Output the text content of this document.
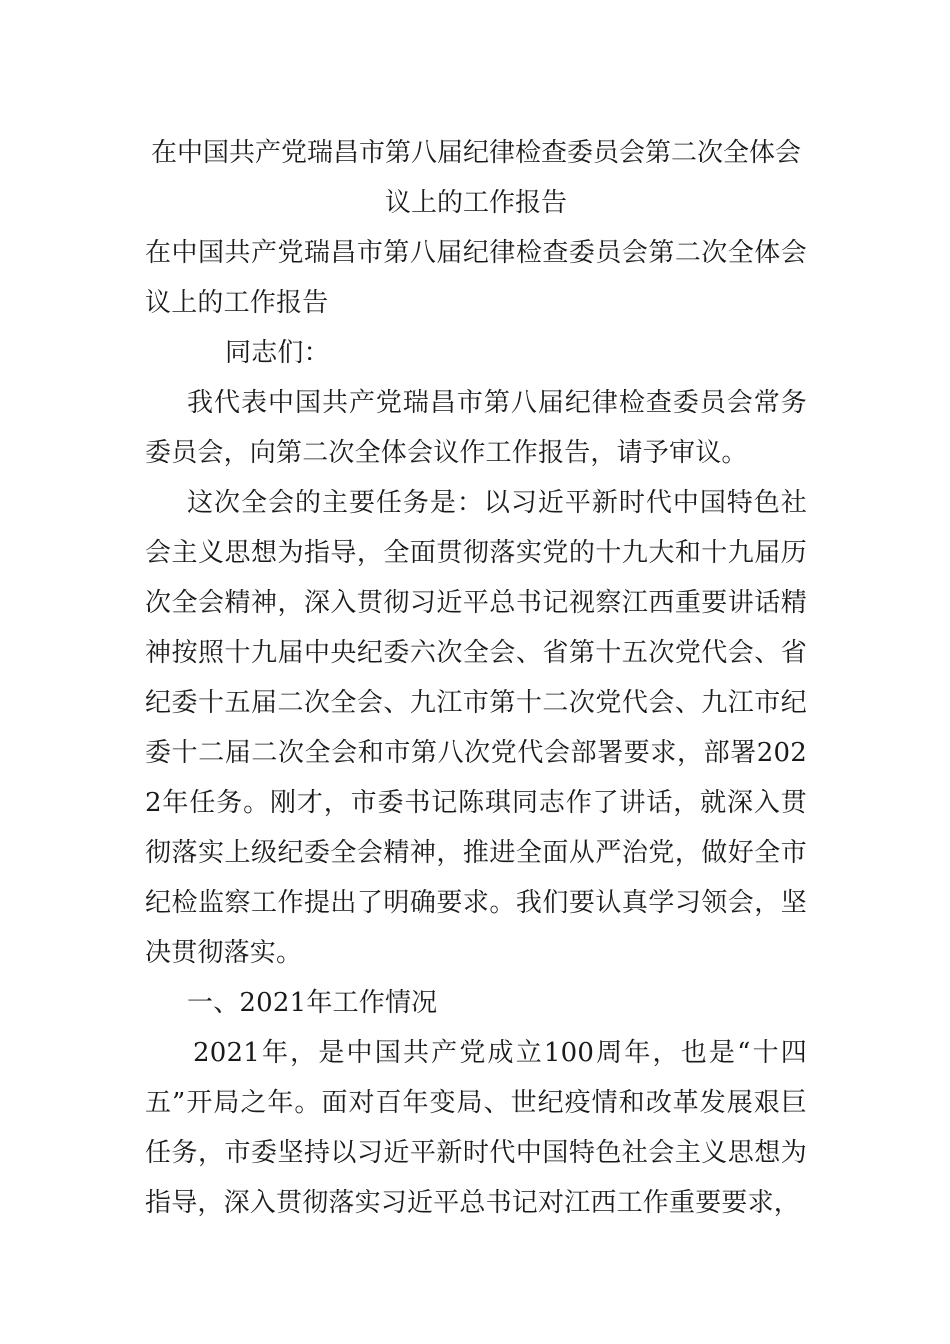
在中国共产党瑞昌市第八届纪律检查委员会第二次全体会
议上的工作报告

在中国共产党瑞昌市第八届纪律检查委员会第二次全体会议上的工作报告

同志们：

我代表中国共产党瑞昌市第八届纪律检查委员会常务委员会，向第二次全体会议作工作报告，请予审议。

这次全会的主要任务是：以习近平新时代中国特色社会主义思想为指导，全面贯彻落实党的十九大和十九届历次全会精神，深入贯彻习近平总书记视察江西重要讲话精神按照十九届中央纪委六次全会、省第十五次党代会、省纪委十五届二次全会、九江市第十二次党代会、九江市纪委十二届二次全会和市第八次党代会部署要求，部署2022年任务。刚才，市委书记陈琪同志作了讲话，就深入贯彻落实上级纪委全会精神，推进全面从严治党，做好全市纪检监察工作提出了明确要求。我们要认真学习领会，坚决贯彻落实。

一、2021年工作情况

2021年，是中国共产党成立100周年，也是“十四五”开局之年。面对百年变局、世纪疫情和改革发展艰巨任务，市委坚持以习近平新时代中国特色社会主义思想为指导，深入贯彻落实习近平总书记对江西工作重要要求，
